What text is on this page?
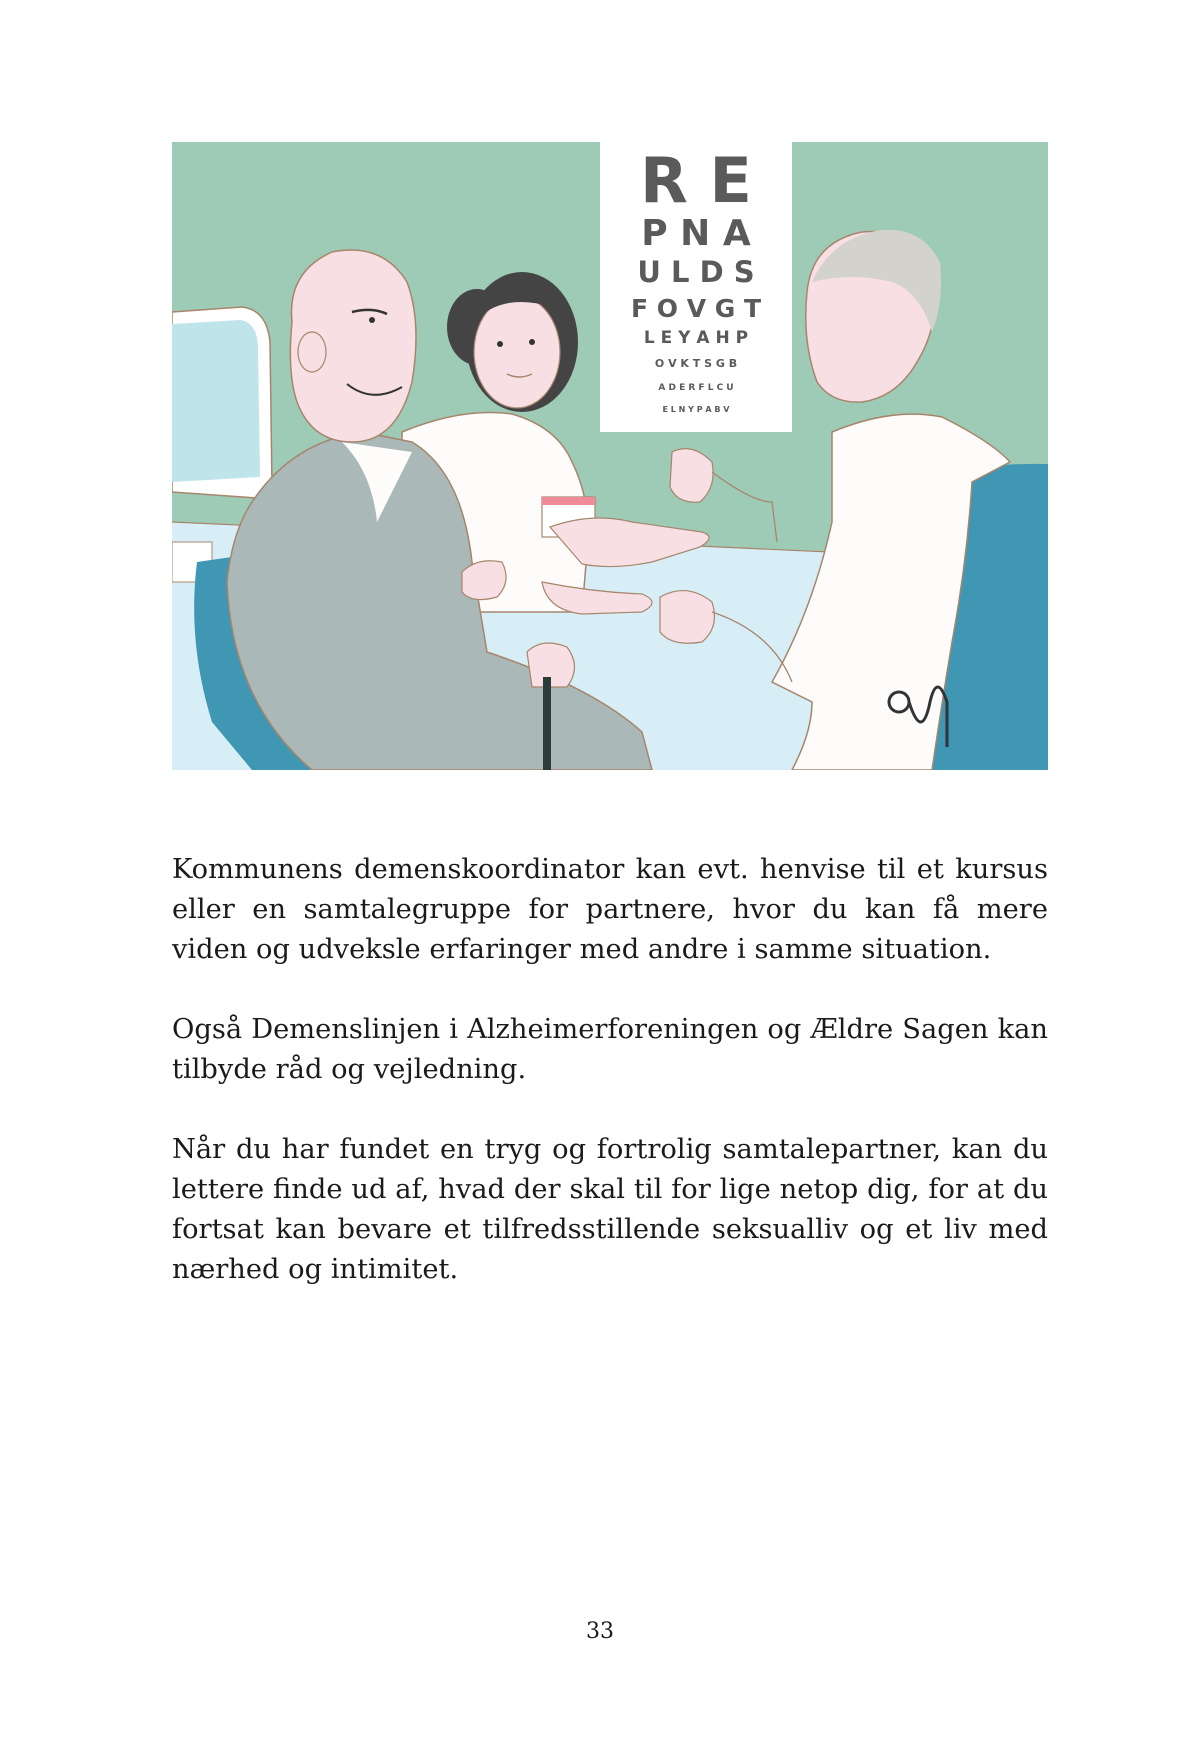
R E
P N A
U L D S
F O V G T
L E Y A H P
O V K T S G B
A D E R F L C U
E L N Y P A B V

Kommunens demenskoordinator kan evt. henvise til et kursus eller en samtalegruppe for partnere, hvor du kan få mere viden og udveksle erfaringer med andre i samme situation.

Også Demenslinjen i Alzheimerforeningen og Ældre Sagen kan tilbyde råd og vejledning.

Når du har fundet en tryg og fortrolig samtalepartner, kan du lettere finde ud af, hvad der skal til for lige netop dig, for at du fortsat kan bevare et tilfredsstillende seksualliv og et liv med nærhed og intimitet.

33
